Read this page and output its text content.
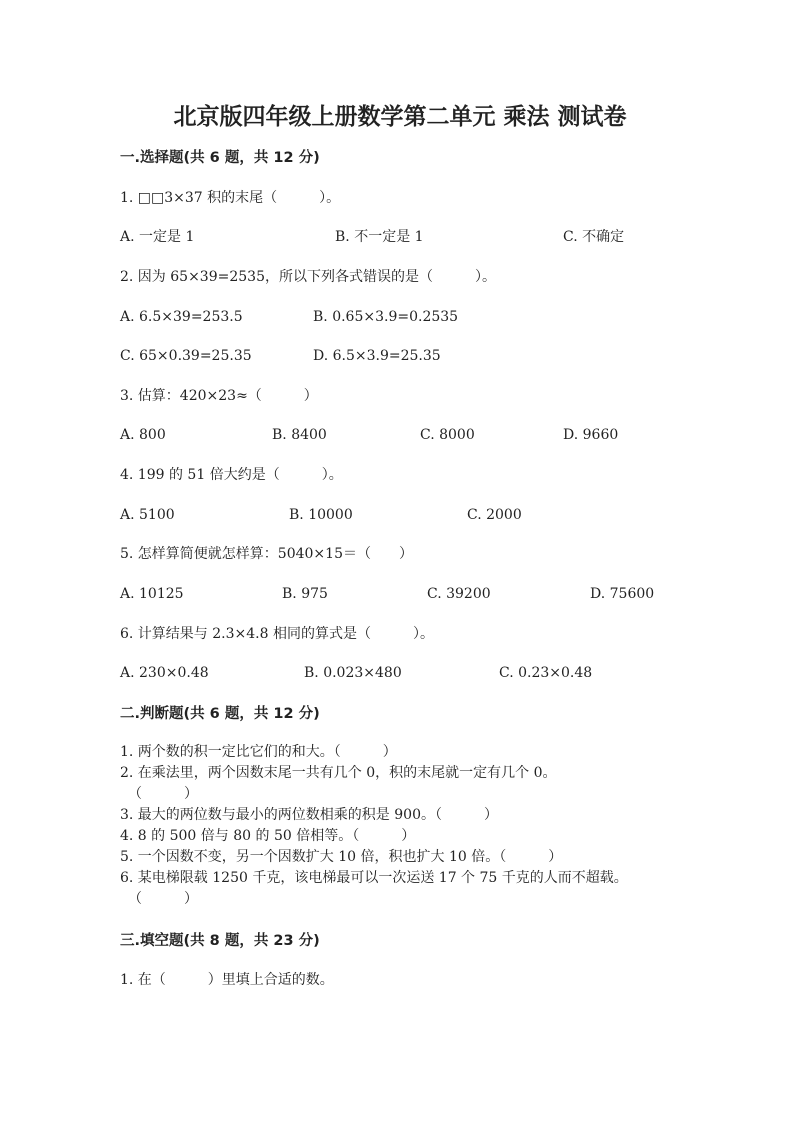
北京版四年级上册数学第二单元 乘法 测试卷
一.选择题(共 6 题，共 12 分)
1. □□3×37 积的末尾（　　　）。
A. 一定是 1	B. 不一定是 1	C. 不确定
2. 因为 65×39=2535，所以下列各式错误的是（　　　）。
A. 6.5×39=253.5	B. 0.65×3.9=0.2535
C. 65×0.39=25.35	D. 6.5×3.9=25.35
3. 估算：420×23≈（　　　）
A. 800	B. 8400	C. 8000	D. 9660
4. 199 的 51 倍大约是（　　　）。
A. 5100	B. 10000	C. 2000
5. 怎样算简便就怎样算：5040×15＝（　　）
A. 10125	B. 975	C. 39200	D. 75600
6. 计算结果与 2.3×4.8 相同的算式是（　　　）。
A. 230×0.48	B. 0.023×480	C. 0.23×0.48
二.判断题(共 6 题，共 12 分)
1. 两个数的积一定比它们的和大。（　　　）
2. 在乘法里，两个因数末尾一共有几个 0，积的末尾就一定有几个 0。
（　　　）
3. 最大的两位数与最小的两位数相乘的积是 900。（　　　）
4. 8 的 500 倍与 80 的 50 倍相等。（　　　）
5. 一个因数不变，另一个因数扩大 10 倍，积也扩大 10 倍。（　　　）
6. 某电梯限载 1250 千克，该电梯最可以一次运送 17 个 75 千克的人而不超载。
（　　　）
三.填空题(共 8 题，共 23 分)
1. 在（　　　）里填上合适的数。
